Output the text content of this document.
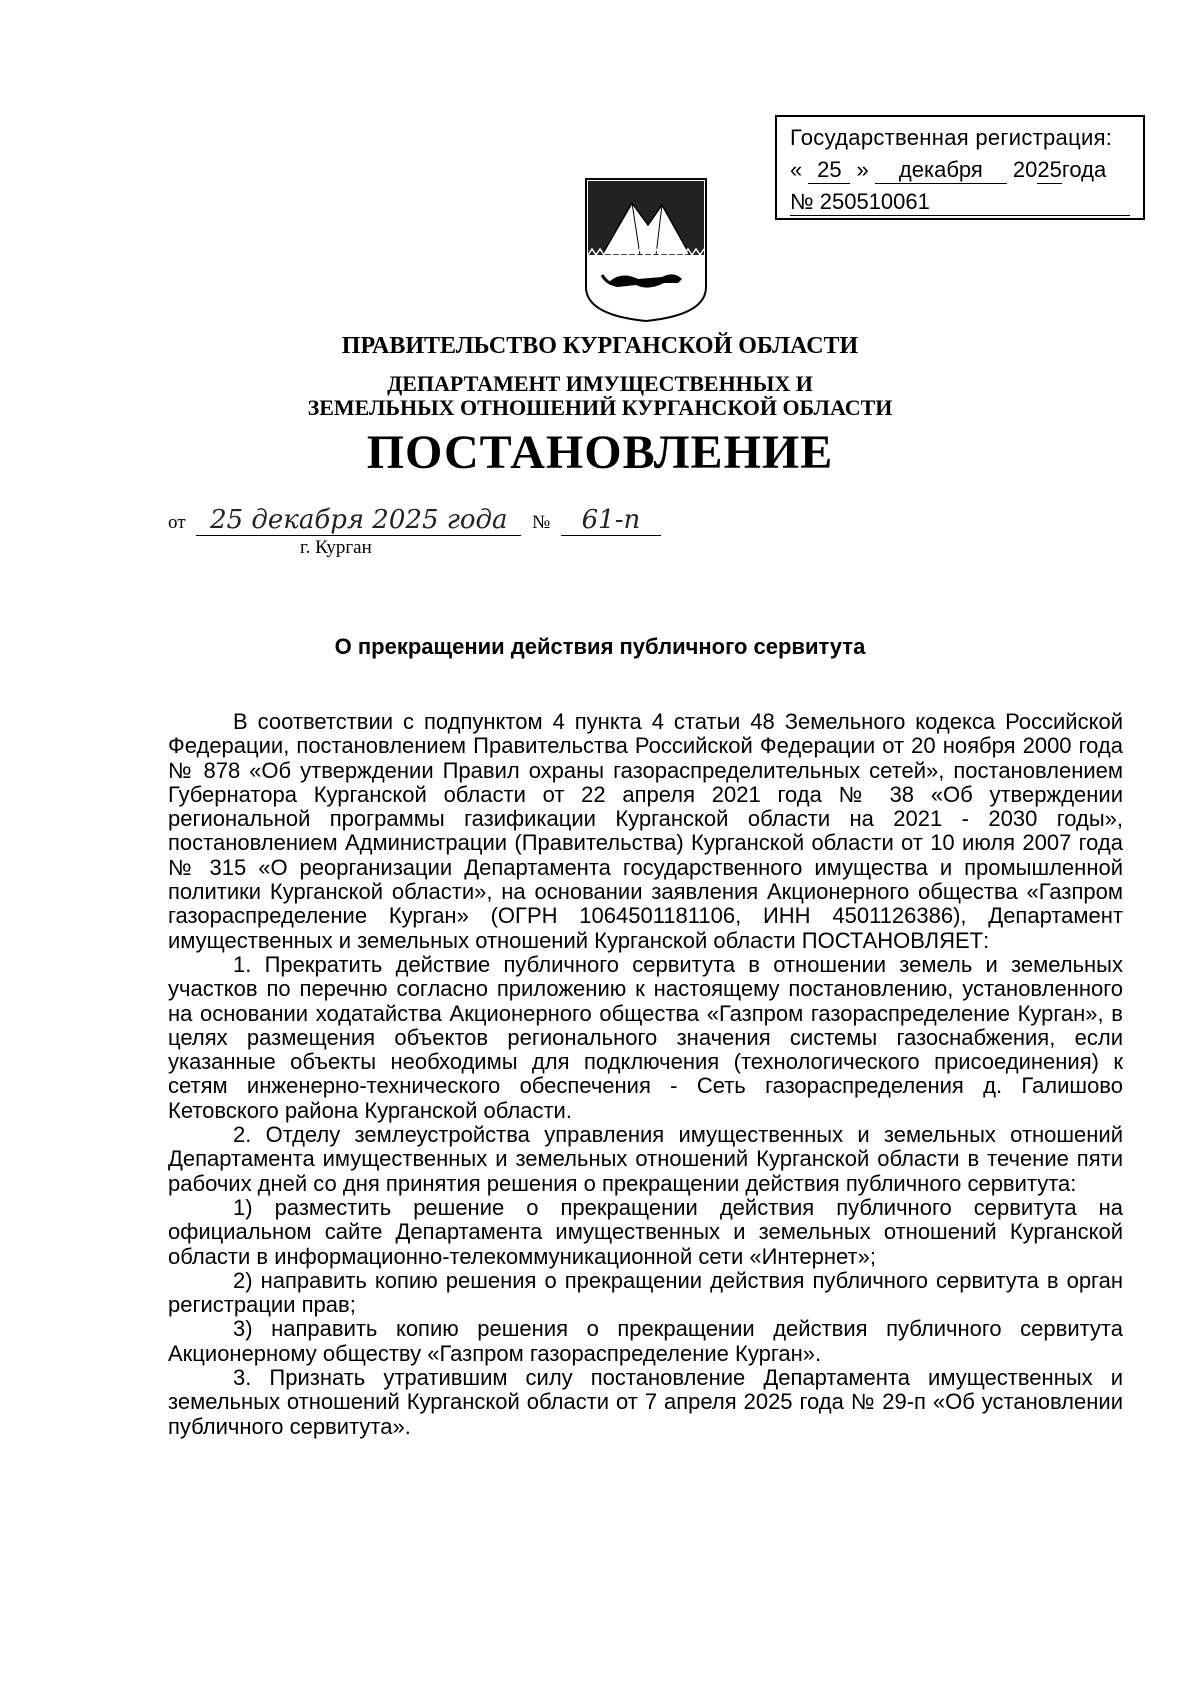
Государственная регистрация:
« 25 » декабря 2025года
№ 250510061
ПРАВИТЕЛЬСТВО КУРГАНСКОЙ ОБЛАСТИ
ДЕПАРТАМЕНТ ИМУЩЕСТВЕННЫХ И
ЗЕМЕЛЬНЫХ ОТНОШЕНИЙ КУРГАНСКОЙ ОБЛАСТИ
ПОСТАНОВЛЕНИЕ
от 25 декабря 2025 года № 61-п
г. Курган
О прекращении действия публичного сервитута

В соответствии с подпунктом 4 пункта 4 статьи 48 Земельного кодекса Российской Федерации, постановлением Правительства Российской Федерации от 20 ноября 2000 года № 878 «Об утверждении Правил охраны газораспределительных сетей», постановлением Губернатора Курганской области от 22 апреля 2021 года № 38 «Об утверждении региональной программы газификации Курганской области на 2021 - 2030 годы», постановлением Администрации (Правительства) Курганской области от 10 июля 2007 года № 315 «О реорганизации Департамента государственного имущества и промышленной политики Курганской области», на основании заявления Акционерного общества «Газпром газораспределение Курган» (ОГРН 1064501181106, ИНН 4501126386), Департамент имущественных и земельных отношений Курганской области ПОСТАНОВЛЯЕТ:

1. Прекратить действие публичного сервитута в отношении земель и земельных участков по перечню согласно приложению к настоящему постановлению, установленного на основании ходатайства Акционерного общества «Газпром газораспределение Курган», в целях размещения объектов регионального значения системы газоснабжения, если указанные объекты необходимы для подключения (технологического присоединения) к сетям инженерно-технического обеспечения - Сеть газораспределения д. Галишово Кетовского района Курганской области.

2. Отделу землеустройства управления имущественных и земельных отношений Департамента имущественных и земельных отношений Курганской области в течение пяти рабочих дней со дня принятия решения о прекращении действия публичного сервитута:

1) разместить решение о прекращении действия публичного сервитута на официальном сайте Департамента имущественных и земельных отношений Курганской области в информационно-телекоммуникационной сети «Интернет»;

2) направить копию решения о прекращении действия публичного сервитута в орган регистрации прав;

3) направить копию решения о прекращении действия публичного сервитута Акционерному обществу «Газпром газораспределение Курган».

3. Признать утратившим силу постановление Департамента имущественных и земельных отношений Курганской области от 7 апреля 2025 года № 29-п «Об установлении публичного сервитута».
